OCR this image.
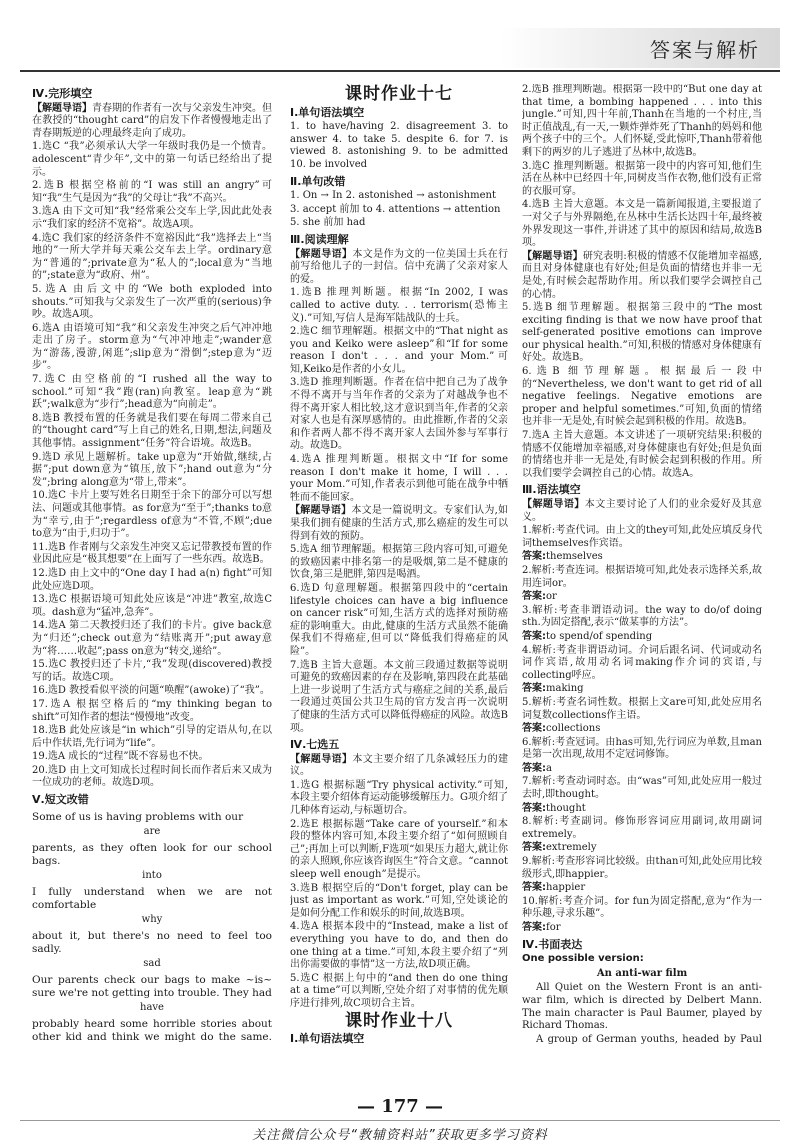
答案与解析
Ⅳ.完形填空

【解题导语】青春期的作者有一次与父亲发生冲突。但在教授的“thought card”的启发下作者慢慢地走出了青春期叛逆的心理最终走向了成功。

1.选C “我”必须承认大学一年级时我仍是一个愤青。adolescent“青少年”,文中的第一句话已经给出了提示。

2.选B 根据空格前的“I was still an angry”可知“我”生气是因为“我”的父母让“我”不高兴。

3.选A 由下文可知“我”经常乘公交车上学,因此此处表示“我们家的经济不宽裕”。故选A项。

4.选C 我们家的经济条件不宽裕因此“我”选择去上“当地的”一所大学并每天乘公交车去上学。ordinary意为“普通的”;private意为“私人的”;local意为“当地的”;state意为“政府、州”。

5.选A 由后文中的“We both exploded into shouts.”可知我与父亲发生了一次严重的(serious)争吵。故选A项。

6.选A 由语境可知“我”和父亲发生冲突之后气冲冲地走出了房子。storm意为“气冲冲地走”;wander意为“游荡,漫游,闲逛”;slip意为“滑倒”;step意为“迈步”。

7.选C 由空格前的“I rushed all the way to school.”可知“我”跑(ran)向教室。leap意为“跳跃”;walk意为“步行”;head意为“向前走”。

8.选B 教授布置的任务就是我们要在每周二带来自己的“thought card”写上自己的姓名,日期,想法,问题及其他事情。assignment“任务”符合语境。故选B。

9.选D 承见上题解析。take up意为“开始做,继续,占据”;put down意为“镇压,放下”;hand out意为“分发”;bring along意为“带上,带来”。

10.选C 卡片上要写姓名日期至于余下的部分可以写想法、问题或其他事情。as for意为“至于”;thanks to意为“幸亏,由于”;regardless of意为“不管,不顾”;due to意为“由于,归功于”。

11.选B 作者刚与父亲发生冲突又忘记带教授布置的作业因此应是“极其想要”在上面写了一些东西。故选B。

12.选D 由上文中的“One day I had a(n) fight”可知此处应选D项。

13.选C 根据语境可知此处应该是“冲进”教室,故选C项。dash意为“猛冲,急奔”。

14.选A 第二天教授归还了我们的卡片。give back意为“归还”;check out意为“结账离开”;put away意为“将……收起”;pass on意为“转交,递给”。

15.选C 教授归还了卡片,“我”发现(discovered)教授写的话。故选C项。

16.选D 教授看似平淡的问题“唤醒”(awoke)了“我”。

17.选A 根据空格后的“my thinking began to shift”可知作者的想法“慢慢地”改变。

18.选B 此处应该是“in which”引导的定语从句,在以后中作状语,先行词为“life”。

19.选A 成长的“过程”既不容易也不快。

20.选D 由上文可知成长过程时间长而作者后来又成为一位成功的老师。故选D项。

Ⅴ.短文改错

Some of us is having problems with our

are

parents, as they often look for our school bags.

into

I fully understand when we are not comfortable

why

about it, but there's no need to feel too sadly.

sad

Our parents check our bags to make ~is~ sure we're not getting into trouble. They had

have

probably heard some horrible stories about other kid and think we might do the same.

课时作业十七
Ⅰ.单句语法填空

1. to have/having 2. disagreement 3. to answer 4. to take 5. despite 6. for 7. is viewed 8. astonishing 9. to be admitted 10. be involved

Ⅱ.单句改错

1. On → In 2. astonished → astonishment

3. accept 前加 to 4. attentions → attention

5. she 前加 had

Ⅲ.阅读理解

【解题导语】本文是作为文的一位美国士兵在行前写给他儿子的一封信。信中充满了父亲对家人的爱。

1.选B 推理判断题。根据“In 2002, I was called to active duty. . . terrorism(恐怖主义).”可知,写信人是海军陆战队的士兵。

2.选C 细节理解题。根据文中的“That night as you and Keiko were asleep”和“If for some reason I don't . . . and your Mom.”可知,Keiko是作者的小女儿。

3.选D 推理判断题。作者在信中把自己为了战争不得不离开与当年作者的父亲为了对越战争也不得不离开家人相比较,这才意识到当年,作者的父亲对家人也是有深厚感情的。由此推断,作者的父亲和作者两人都不得不离开家人去国外参与军事行动。故选D。

4.选A 推理判断题。根据文中“If for some reason I don't make it home, I will . . . your Mom.”可知,作者表示到他可能在战争中牺牲而不能回家。

【解题导语】本文是一篇说明文。专家们认为,如果我们拥有健康的生活方式,那么癌症的发生可以得到有效的预防。

5.选A 细节理解题。根据第三段内容可知,可避免的致癌因素中排名第一的是吸烟,第二是不健康的饮食,第三是肥胖,第四是喝酒。

6.选D 句意理解题。根据第四段中的“certain lifestyle choices can have a big influence on cancer risk”可知,生活方式的选择对预防癌症的影响重大。由此,健康的生活方式虽然不能确保我们不得癌症,但可以“降低我们得癌症的风险”。

7.选B 主旨大意题。本文前三段通过数据等说明可避免的致癌因素的存在及影响,第四段在此基础上进一步说明了生活方式与癌症之间的关系,最后一段通过英国公共卫生局的官方发言再一次说明了健康的生活方式可以降低得癌症的风险。故选B项。

Ⅳ.七选五

【解题导语】本文主要介绍了几条减轻压力的建议。

1.选G 根据标题“Try physical activity.”可知,本段主要介绍体育运动能够缓解压力。G项介绍了几种体育运动,与标题切合。

2.选E 根据标题“Take care of yourself.”和本段的整体内容可知,本段主要介绍了“如何照顾自己”;再加上可以判断,F选项“如果压力超大,就让你的亲人照顾,你应该咨询医生”符合文意。“cannot sleep well enough”是提示。

3.选B 根据空后的“Don't forget, play can be just as important as work.”可知,空处谈论的是如何分配工作和娱乐的时间,故选B项。

4.选A 根据本段中的“Instead, make a list of everything you have to do, and then do one thing at a time.”可知,本段主要介绍了“列出你需要做的事情”这一方法,故D项正确。

5.选C 根据上句中的“and then do one thing at a time”可以判断,空处介绍了对事情的优先顺序进行排列,故C项切合主旨。

课时作业十八
Ⅰ.单句语法填空

2.选B 推理判断题。根据第一段中的“But one day at that time, a bombing happened . . . into this jungle.”可知,四十年前,Thanh在当地的一个村庄,当时正值战乱,有一天,一颗炸弹炸死了Thanh的妈妈和他两个孩子中的三个。人们怀疑,受此惊吓,Thanh带着他剩下的两岁的儿子逃进了丛林中,故选B。

3.选C 推理判断题。根据第一段中的内容可知,他们生活在丛林中已经四十年,同树皮当作衣物,他们没有正常的衣服可穿。

4.选B 主旨大意题。本文是一篇新闻报道,主要报道了一对父子与外界隔绝,在丛林中生活长达四十年,最终被外界发现这一事件,并讲述了其中的原因和结局,故选B项。

【解题导语】研究表明:积极的情感不仅能增加幸福感,而且对身体健康也有好处;但是负面的情绪也并非一无是处,有时候会起帮助作用。所以我们要学会调控自己的心情。

5.选B 细节理解题。根据第三段中的“The most exciting finding is that we now have proof that self-generated positive emotions can improve our physical health.”可知,积极的情感对身体健康有好处。故选B。

6.选B 细节理解题。根据最后一段中的“Nevertheless, we don't want to get rid of all negative feelings. Negative emotions are proper and helpful sometimes.”可知,负面的情绪也并非一无是处,有时候会起到积极的作用。故选B。

7.选A 主旨大意题。本文讲述了一项研究结果:积极的情感不仅能增加幸福感,对身体健康也有好处;但是负面的情绪也并非一无是处,有时候会起到积极的作用。所以我们要学会调控自己的心情。故选A。

Ⅲ.语法填空

【解题导语】本文主要讨论了人们的业余爱好及其意义。

1.解析:考查代词。由上文的they可知,此处应填反身代词themselves作宾语。

答案:themselves

2.解析:考查连词。根据语境可知,此处表示选择关系,故用连词or。

答案:or

3.解析:考查非谓语动词。the way to do/of doing sth.为固定搭配,表示“做某事的方法”。

答案:to spend/of spending

4.解析:考查非谓语动词。介词后跟名词、代词或动名词作宾语,故用动名词making作介词的宾语,与collecting呼应。

答案:making

5.解析:考查名词性数。根据上文are可知,此处应用名词复数collections作主语。

答案:collections

6.解析:考查冠词。由has可知,先行词应为单数,且man是第一次出现,故用不定冠词修饰。

答案:a

7.解析:考查动词时态。由“was”可知,此处应用一般过去时,即thought。

答案:thought

8.解析:考查副词。修饰形容词应用副词,故用副词extremely。

答案:extremely

9.解析:考查形容词比较级。由than可知,此处应用比较级形式,即happier。

答案:happier

10.解析:考查介词。for fun为固定搭配,意为“作为一种乐趣,寻求乐趣”。

答案:for

Ⅳ.书面表达
One possible version:
An anti-war film

All Quiet on the Western Front is an anti-war film, which is directed by Delbert Mann. The main character is Paul Baumer, played by Richard Thomas.

A group of German youths, headed by Paul

— 177 —
关注微信公众号“教辅资料站”获取更多学习资料
